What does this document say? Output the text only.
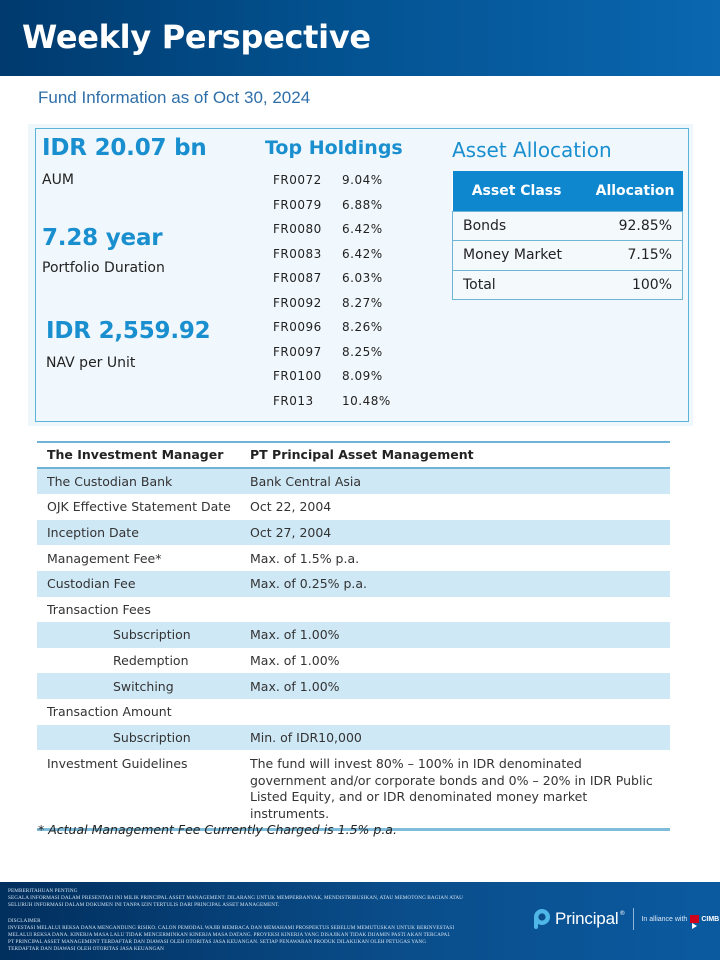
Weekly Perspective
Fund Information as of Oct 30, 2024
IDR 20.07 bn
AUM
7.28 year
Portfolio Duration
IDR 2,559.92
NAV per Unit
Top Holdings
FR0072	9.04%
FR0079	6.88%
FR0080	6.42%
FR0083	6.42%
FR0087	6.03%
FR0092	8.27%
FR0096	8.26%
FR0097	8.25%
FR0100	8.09%
FR013	10.48%
Asset Allocation
Asset Class	Allocation
Bonds	92.85%
Money Market	7.15%
Total	100%
The Investment Manager	PT Principal Asset Management
The Custodian Bank	Bank Central Asia
OJK Effective Statement Date	Oct 22, 2004
Inception Date	Oct 27, 2004
Management Fee*	Max. of 1.5% p.a.
Custodian Fee	Max. of 0.25% p.a.
Transaction Fees
Subscription	Max. of 1.00%
Redemption	Max. of 1.00%
Switching	Max. of 1.00%
Transaction Amount
Subscription	Min. of IDR10,000
Investment Guidelines	The fund will invest 80% – 100% in IDR denominated government and/or corporate bonds and 0% – 20% in IDR Public Listed Equity, and or IDR denominated money market instruments.
* Actual Management Fee Currently Charged is 1.5% p.a.
PEMBERITAHUAN PENTING
SEGALA INFORMASI DALAM PRESENTASI INI MILIK PRINCIPAL ASSET MANAGEMENT. DILARANG UNTUK MEMPERBANYAK, MENDISTRIBUSIKAN, ATAU MEMOTONG BAGIAN ATAU
SELURUH INFORMASI DALAM DOKUMEN INI TANPA IZIN TERTULIS DARI PRINCIPAL ASSET MANAGEMENT.
DISCLAIMER
INVESTASI MELALUI REKSA DANA MENGANDUNG RISIKO. CALON PEMODAL WAJIB MEMBACA DAN MEMAHAMI PROSPEKTUS SEBELUM MEMUTUSKAN UNTUK BERINVESTASI
MELALUI REKSA DANA. KINERJA MASA LALU TIDAK MENCERMINKAN KINERJA MASA DATANG. PROYEKSI KINERJA YANG DISAJIKAN TIDAK DIJAMIN PASTI AKAN TERCAPAI.
PT PRINCIPAL ASSET MANAGEMENT TERDAFTAR DAN DIAWASI OLEH OTORITAS JASA KEUANGAN. SETIAP PENAWARAN PRODUK DILAKUKAN OLEH PETUGAS YANG
TERDAFTAR DAN DIAWASI OLEH OTORITAS JASA KEUANGAN
Principal ®
In alliance with CIMB
